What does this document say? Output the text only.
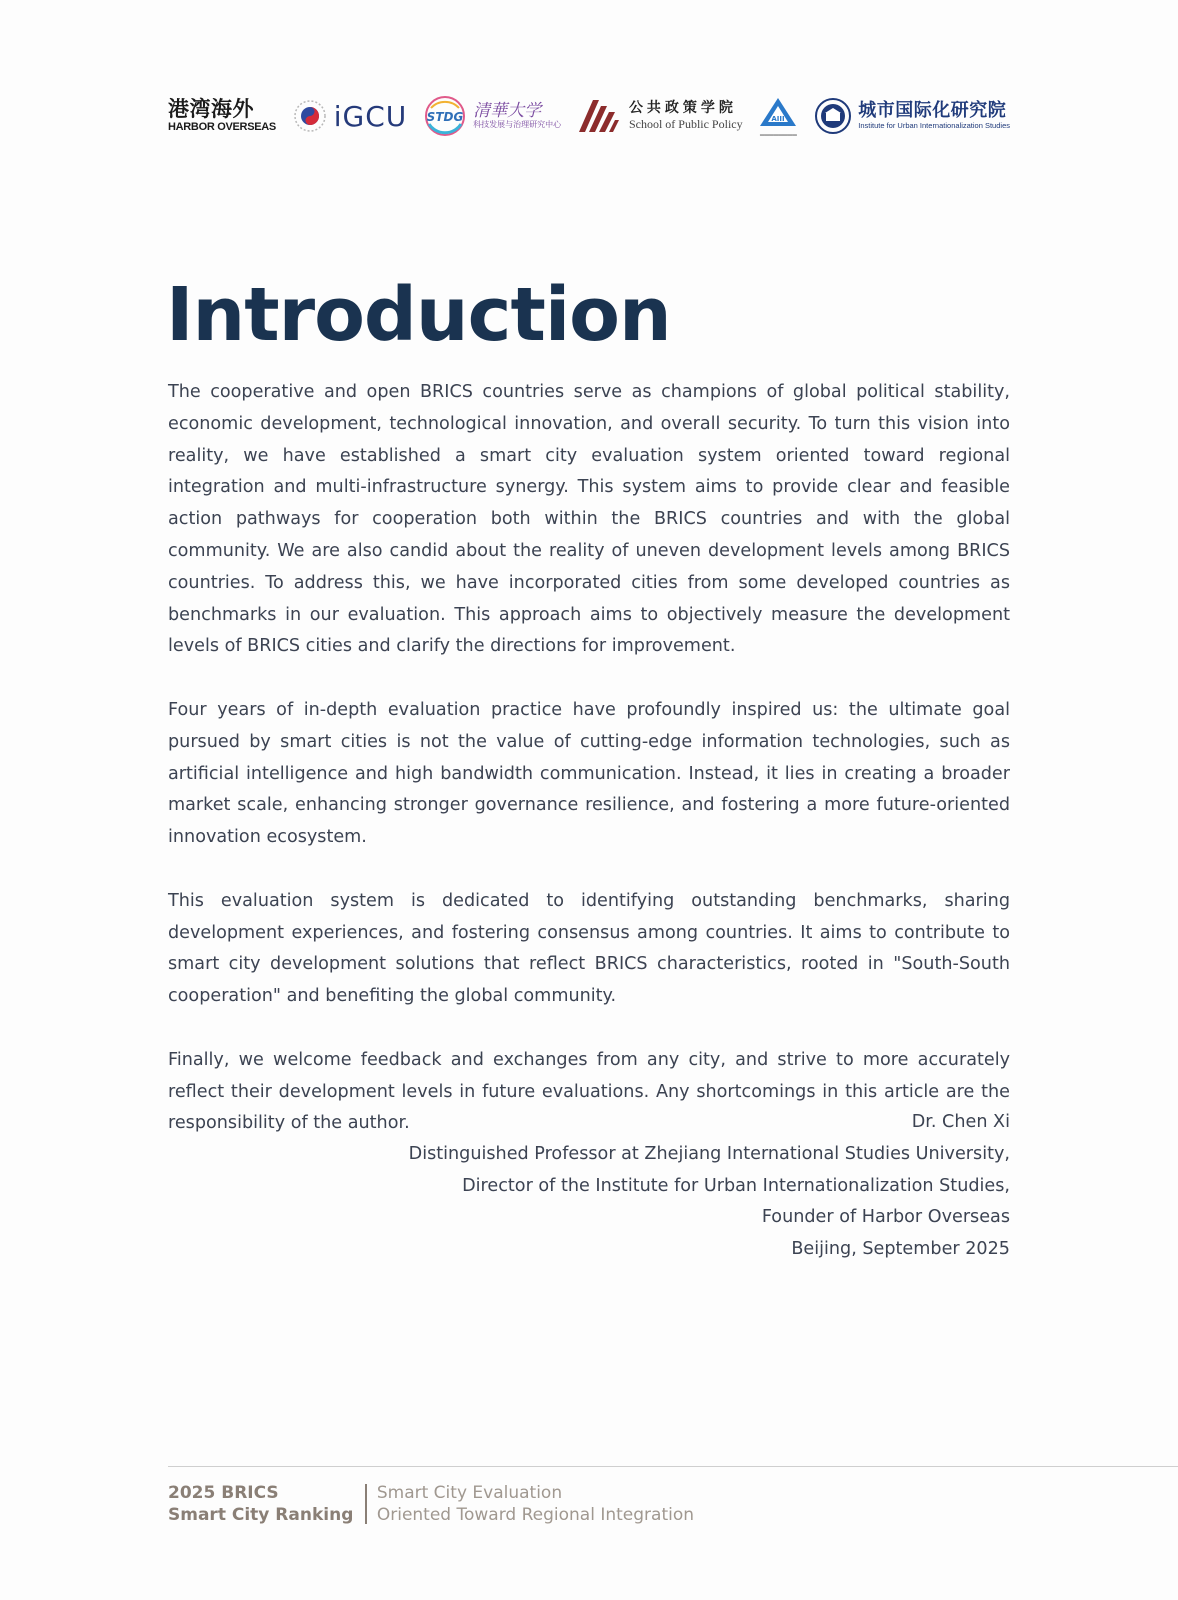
港湾海外
HARBOR OVERSEAS iGCU STDG 清華大学
科技发展与治理研究中心
公共政策学院
School of Public Policy	AIII
▁▁▁▁▁▁▁▁
城市国际化研究院
Institute for Urban Internationalization Studies
Introduction

The cooperative and open BRICS countries serve as champions of global political stability, economic development, technological innovation, and overall security. To turn this vision into reality, we have established a smart city evaluation system oriented toward regional integration and multi-infrastructure synergy. This system aims to provide clear and feasible action pathways for cooperation both within the BRICS countries and with the global community. We are also candid about the reality of uneven development levels among BRICS countries. To address this, we have incorporated cities from some developed countries as benchmarks in our evaluation. This approach aims to objectively measure the development levels of BRICS cities and clarify the directions for improvement.

Four years of in-depth evaluation practice have profoundly inspired us: the ultimate goal pursued by smart cities is not the value of cutting-edge information technologies, such as artificial intelligence and high bandwidth communication. Instead, it lies in creating a broader market scale, enhancing stronger governance resilience, and fostering a more future-oriented innovation ecosystem.

This evaluation system is dedicated to identifying outstanding benchmarks, sharing development experiences, and fostering consensus among countries. It aims to contribute to smart city development solutions that reflect BRICS characteristics, rooted in "South-South cooperation" and benefiting the global community.

Finally, we welcome feedback and exchanges from any city, and strive to more accurately reflect their development levels in future evaluations. Any shortcomings in this article are the responsibility of the author.	Dr. Chen Xi
Distinguished Professor at Zhejiang International Studies University,
Director of the Institute for Urban Internationalization Studies,
Founder of Harbor Overseas
Beijing, September 2025
2025 BRICS
Smart City Ranking
Smart City Evaluation
Oriented Toward Regional Integration
